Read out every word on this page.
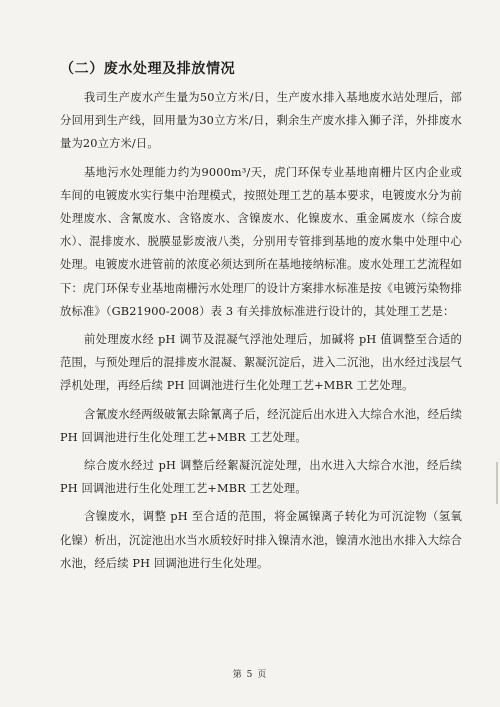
（二）废水处理及排放情况

我司生产废水产生量为50立方米/日，生产废水排入基地废水站处理后，部分回用到生产线，回用量为30立方米/日，剩余生产废水排入狮子洋，外排废水量为20立方米/日。

基地污水处理能力约为9000m³/天，虎门环保专业基地南栅片区内企业或车间的电镀废水实行集中治理模式，按照处理工艺的基本要求，电镀废水分为前处理废水、含氰废水、含铬废水、含镍废水、化镍废水、重金属废水（综合废水）、混排废水、脱膜显影废液八类，分别用专管排到基地的废水集中处理中心处理。电镀废水进管前的浓度必须达到所在基地接纳标准。废水处理工艺流程如下：虎门环保专业基地南栅污水处理厂的设计方案排水标准是按《电镀污染物排放标准》（GB21900-2008）表 3 有关排放标准进行设计的，其处理工艺是：

前处理废水经 pH 调节及混凝气浮池处理后，加碱将 pH 值调整至合适的范围，与预处理后的混排废水混凝、絮凝沉淀后，进入二沉池，出水经过浅层气浮机处理，再经后续 PH 回调池进行生化处理工艺+MBR 工艺处理。

含氰废水经两级破氰去除氰离子后，经沉淀后出水进入大综合水池，经后续 PH 回调池进行生化处理工艺+MBR 工艺处理。

综合废水经过 pH 调整后经絮凝沉淀处理，出水进入大综合水池，经后续PH 回调池进行生化处理工艺+MBR 工艺处理。

含镍废水，调整 pH 至合适的范围，将金属镍离子转化为可沉淀物（氢氧化镍）析出，沉淀池出水当水质较好时排入镍清水池，镍清水池出水排入大综合水池，经后续 PH 回调池进行生化处理。

第 5 页
